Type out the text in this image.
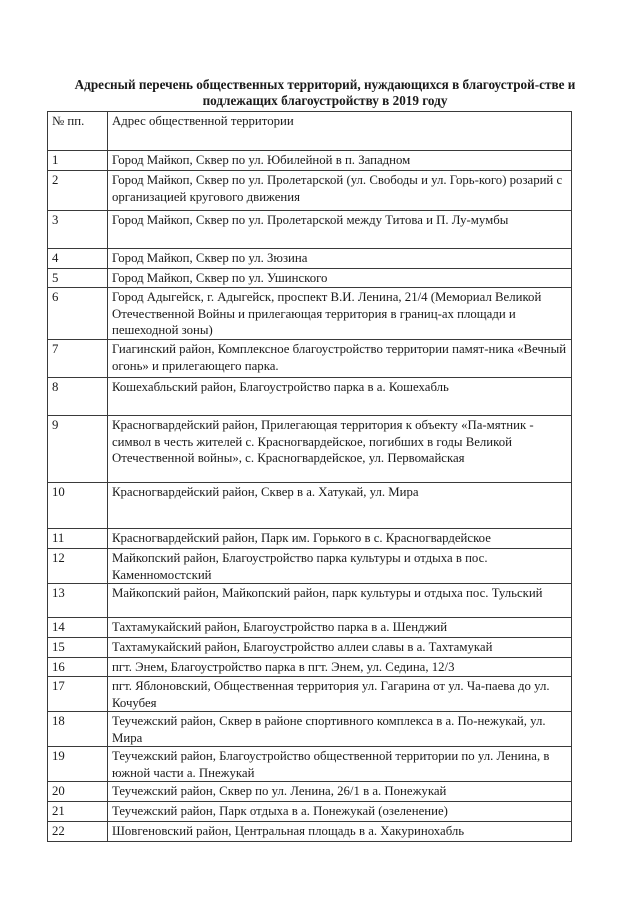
Адресный перечень общественных территорий, нуждающихся в благоустрой-стве и подлежащих благоустройству в 2019 году
№ пп.	Адрес общественной территории
1	Город Майкоп, Сквер по ул. Юбилейной в п. Западном
2	Город Майкоп, Сквер по ул. Пролетарской (ул. Свободы и ул. Горь-кого) розарий с организацией кругового движения
3	Город Майкоп, Сквер по ул. Пролетарской между Титова и П. Лу-мумбы
4	Город Майкоп, Сквер по ул. Зюзина
5	Город Майкоп, Сквер по ул. Ушинского
6	Город Адыгейск, г. Адыгейск, проспект В.И. Ленина, 21/4 (Мемориал Великой Отечественной Войны и прилегающая территория в границ-ах площади и пешеходной зоны)
7	Гиагинский район, Комплексное благоустройство территории памят-ника «Вечный огонь» и прилегающего парка.
8	Кошехабльский район, Благоустройство парка в а. Кошехабль
9	Красногвардейский район, Прилегающая территория к объекту «Па-мятник - символ в честь жителей с. Красногвардейское, погибших в годы Великой Отечественной войны», с. Красногвардейское, ул. Первомайская
10	Красногвардейский район, Сквер в а. Хатукай, ул. Мира
11	Красногвардейский район, Парк им. Горького в с. Красногвардейское
12	Майкопский район, Благоустройство парка культуры и отдыха в пос. Каменномостский
13	Майкопский район, Майкопский район, парк культуры и отдыха пос. Тульский
14	Тахтамукайский район, Благоустройство парка в а. Шенджий
15	Тахтамукайский район, Благоустройство аллеи славы в а. Тахтамукай
16	пгт. Энем, Благоустройство парка в пгт. Энем, ул. Седина, 12/3
17	пгт. Яблоновский, Общественная территория ул. Гагарина от ул. Ча-паева до ул. Кочубея
18	Теучежский район, Сквер в районе спортивного комплекса в а. По-нежукай, ул. Мира
19	Теучежский район, Благоустройство общественной территории по ул. Ленина, в южной части а. Пнежукай
20	Теучежский район, Сквер по ул. Ленина, 26/1 в а. Понежукай
21	Теучежский район, Парк отдыха в а. Понежукай (озеленение)
22	Шовгеновский район, Центральная площадь в а. Хакуринохабль
